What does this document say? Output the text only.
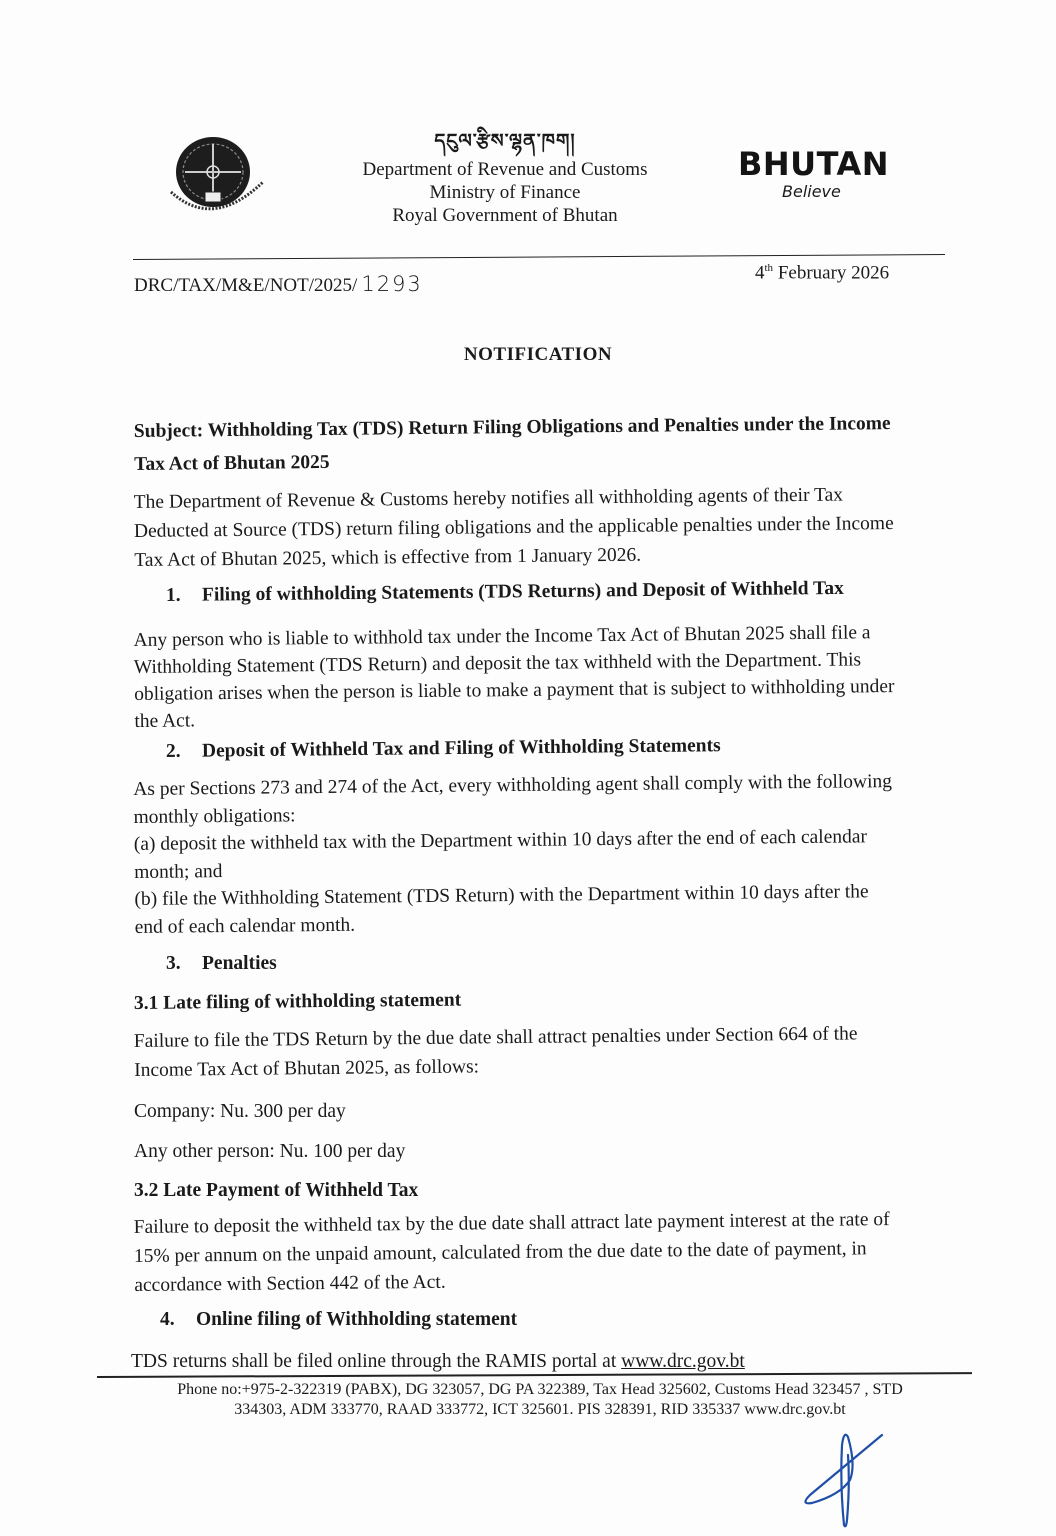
དངུལ་རྩིས་ལྷན་ཁག།
Department of Revenue and Customs
Ministry of Finance
Royal Government of Bhutan
BHUTAN
Believe
DRC/TAX/M&E/NOT/2025/ 1293	4th February 2026
NOTIFICATION

Subject: Withholding Tax (TDS) Return Filing Obligations and Penalties under the Income

Tax Act of Bhutan 2025

The Department of Revenue & Customs hereby notifies all withholding agents of their Tax

Deducted at Source (TDS) return filing obligations and the applicable penalties under the Income

Tax Act of Bhutan 2025, which is effective from 1 January 2026.

1. Filing of withholding Statements (TDS Returns) and Deposit of Withheld Tax

Any person who is liable to withhold tax under the Income Tax Act of Bhutan 2025 shall file a

Withholding Statement (TDS Return) and deposit the tax withheld with the Department. This

obligation arises when the person is liable to make a payment that is subject to withholding under

the Act.

2. Deposit of Withheld Tax and Filing of Withholding Statements

As per Sections 273 and 274 of the Act, every withholding agent shall comply with the following

monthly obligations:

(a) deposit the withheld tax with the Department within 10 days after the end of each calendar

month; and

(b) file the Withholding Statement (TDS Return) with the Department within 10 days after the

end of each calendar month.

3. Penalties
3.1 Late filing of withholding statement

Failure to file the TDS Return by the due date shall attract penalties under Section 664 of the

Income Tax Act of Bhutan 2025, as follows:

Company: Nu. 300 per day
Any other person: Nu. 100 per day
3.2 Late Payment of Withheld Tax

Failure to deposit the withheld tax by the due date shall attract late payment interest at the rate of

15% per annum on the unpaid amount, calculated from the due date to the date of payment, in

accordance with Section 442 of the Act.

4. Online filing of Withholding statement
TDS returns shall be filed online through the RAMIS portal at www.drc.gov.bt

Phone no:+975-2-322319 (PABX), DG 323057, DG PA 322389, Tax Head 325602, Customs Head 323457 , STD

334303, ADM 333770, RAAD 333772, ICT 325601. PIS 328391, RID 335337 www.drc.gov.bt
